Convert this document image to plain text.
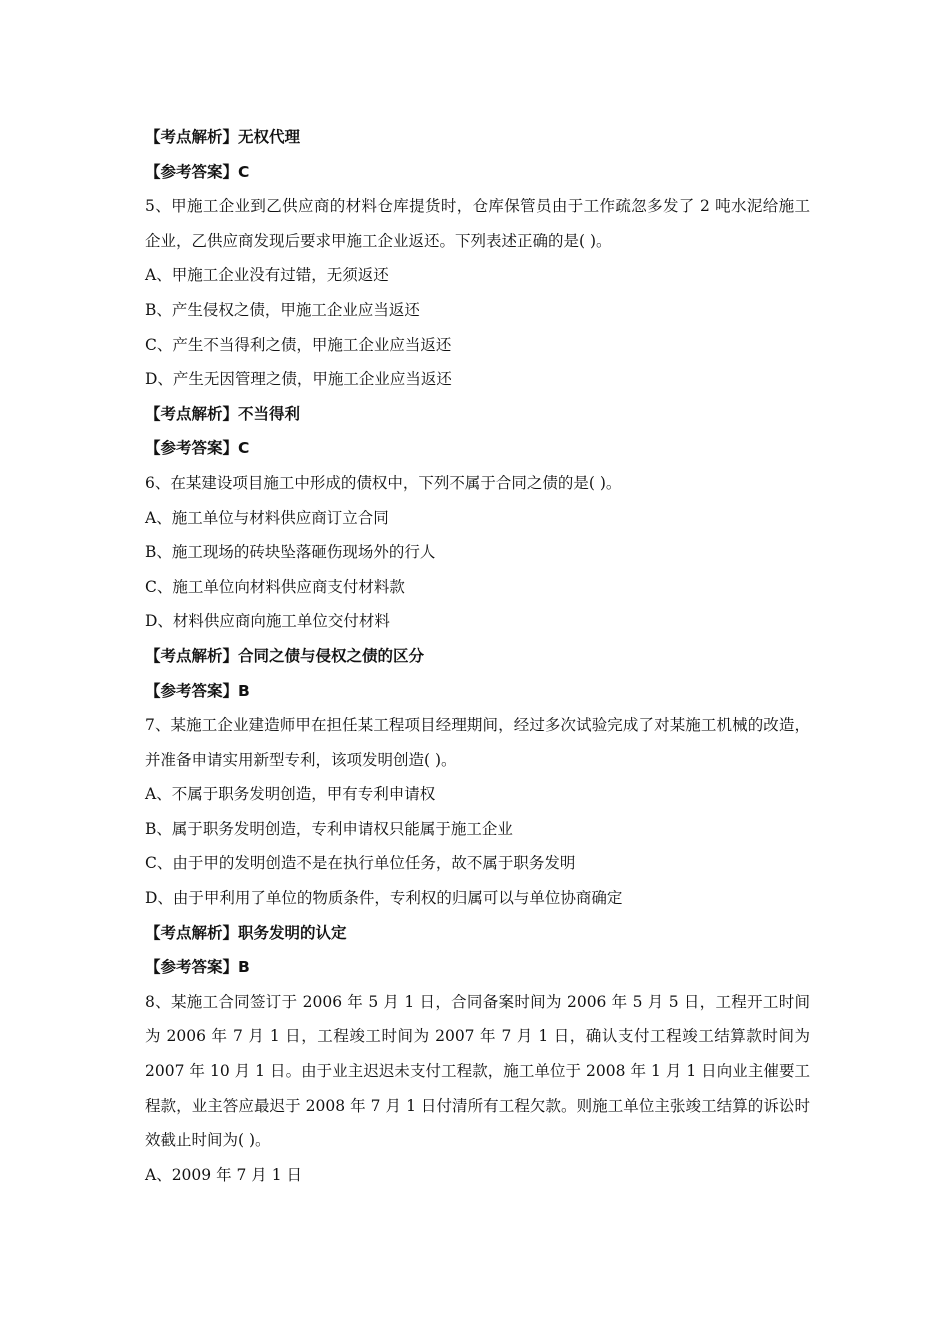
【考点解析】无权代理
【参考答案】C
5、甲施工企业到乙供应商的材料仓库提货时，仓库保管员由于工作疏忽多发了 2 吨水泥给施工企业，乙供应商发现后要求甲施工企业返还。下列表述正确的是( )。
A、甲施工企业没有过错，无须返还
B、产生侵权之债，甲施工企业应当返还
C、产生不当得利之债，甲施工企业应当返还
D、产生无因管理之债，甲施工企业应当返还
【考点解析】不当得利
【参考答案】C
6、在某建设项目施工中形成的债权中，下列不属于合同之债的是( )。
A、施工单位与材料供应商订立合同
B、施工现场的砖块坠落砸伤现场外的行人
C、施工单位向材料供应商支付材料款
D、材料供应商向施工单位交付材料
【考点解析】合同之债与侵权之债的区分
【参考答案】B
7、某施工企业建造师甲在担任某工程项目经理期间，经过多次试验完成了对某施工机械的改造，并准备申请实用新型专利，该项发明创造( )。
A、不属于职务发明创造，甲有专利申请权
B、属于职务发明创造，专利申请权只能属于施工企业
C、由于甲的发明创造不是在执行单位任务，故不属于职务发明
D、由于甲利用了单位的物质条件，专利权的归属可以与单位协商确定
【考点解析】职务发明的认定
【参考答案】B
8、某施工合同签订于 2006 年 5 月 1 日，合同备案时间为 2006 年 5 月 5 日，工程开工时间为 2006 年 7 月 1 日，工程竣工时间为 2007 年 7 月 1 日，确认支付工程竣工结算款时间为 2007 年 10 月 1 日。由于业主迟迟未支付工程款，施工单位于 2008 年 1 月 1 日向业主催要工程款，业主答应最迟于 2008 年 7 月 1 日付清所有工程欠款。则施工单位主张竣工结算的诉讼时效截止时间为( )。
A、2009 年 7 月 1 日
